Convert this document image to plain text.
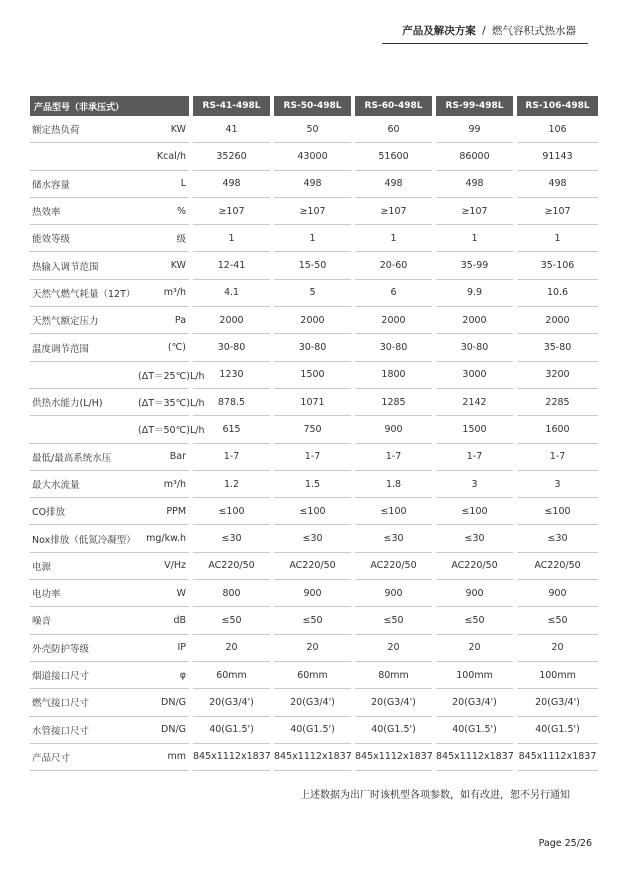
产品及解决方案 / 燃气容积式热水器
产品型号（非承压式）		RS-41-498L	RS-50-498L	RS-60-498L	RS-99-498L	RS-106-498L
额定热负荷	KW	41	50	60	99	106
	Kcal/h	35260	43000	51600	86000	91143
储水容量	L	498	498	498	498	498
热效率	%	≥107	≥107	≥107	≥107	≥107
能效等级	级	1	1	1	1	1
热输入调节范围	KW	12-41	15-50	20-60	35-99	35-106
天然气燃气耗量（12T）	m³/h	4.1	5	6	9.9	10.6
天然气额定压力	Pa	2000	2000	2000	2000	2000
温度调节范围	(℃)	30-80	30-80	30-80	30-80	35-80
	(ΔT＝25℃)L/h	1230	1500	1800	3000	3200
供热水能力(L/H)	(ΔT＝35℃)L/h	878.5	1071	1285	2142	2285
	(ΔT＝50℃)L/h	615	750	900	1500	1600
最低/最高系统水压	Bar	1-7	1-7	1-7	1-7	1-7
最大水流量	m³/h	1.2	1.5	1.8	3	3
CO排放	PPM	≤100	≤100	≤100	≤100	≤100
Nox排放（低氮冷凝型）	mg/kw.h	≤30	≤30	≤30	≤30	≤30
电源	V/Hz	AC220/50	AC220/50	AC220/50	AC220/50	AC220/50
电功率	W	800	900	900	900	900
噪音	dB	≤50	≤50	≤50	≤50	≤50
外壳防护等级	IP	20	20	20	20	20
烟道接口尺寸	φ	60mm	60mm	80mm	100mm	100mm
燃气接口尺寸	DN/G	20(G3/4')	20(G3/4')	20(G3/4')	20(G3/4')	20(G3/4')
水管接口尺寸	DN/G	40(G1.5')	40(G1.5')	40(G1.5')	40(G1.5')	40(G1.5')
产品尺寸	mm	845x1112x1837	845x1112x1837	845x1112x1837	845x1112x1837	845x1112x1837
上述数据为出厂时该机型各项参数，如有改进，恕不另行通知
Page 25/26
